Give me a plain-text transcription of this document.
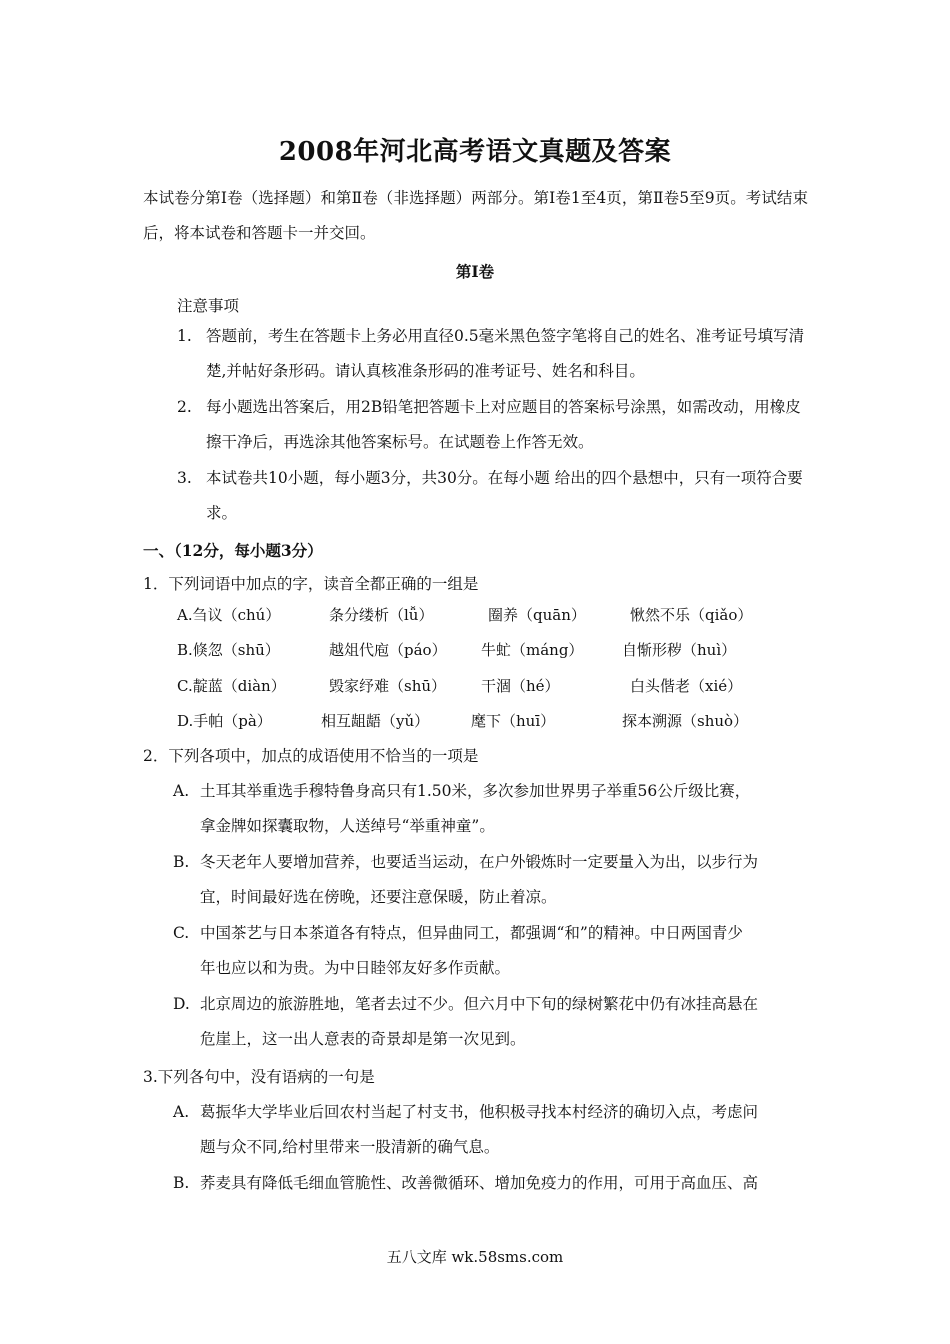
2008年河北高考语文真题及答案
本试卷分第Ⅰ卷（选择题）和第Ⅱ卷（非选择题）两部分。第Ⅰ卷1至4页，第Ⅱ卷5至9页。考试结束后，将本试卷和答题卡一并交回。
第Ⅰ卷
注意事项
1. 答题前，考生在答题卡上务必用直径0.5毫米黑色签字笔将自己的姓名、准考证号填写清楚,并帖好条形码。请认真核准条形码的准考证号、姓名和科目。
2. 每小题选出答案后，用2B铅笔把答题卡上对应题目的答案标号涂黑，如需改动，用橡皮擦干净后，再选涂其他答案标号。在试题卷上作答无效。
3. 本试卷共10小题，每小题3分，共30分。在每小题 给出的四个悬想中，只有一项符合要求。
一、（12分，每小题3分）
1．下列词语中加点的字，读音全都正确的一组是
A.刍议（chú）	条分缕析（lǚ）	圈养（quān）	愀然不乐（qiǎo）
B.倏忽（shū）	越俎代庖（páo） 牛虻（máng）	自惭形秽（huì）
C.靛蓝（diàn）	毁家纾难（shū） 干涸（hé）	白头偕老（xié）
D.手帕（pà）	相互龃龉（yǔ）	麾下（huī）	探本溯源（shuò）
2．下列各项中，加点的成语使用不恰当的一项是
A. 土耳其举重选手穆特鲁身高只有1.50米，多次参加世界男子举重56公斤级比赛，
拿金牌如探囊取物，人送绰号“举重神童”。
B. 冬天老年人要增加营养，也要适当运动，在户外锻炼时一定要量入为出，以步行为
宜，时间最好选在傍晚，还要注意保暖，防止着凉。
C. 中国茶艺与日本茶道各有特点，但异曲同工，都强调“和”的精神。中日两国青少
年也应以和为贵。为中日睦邻友好多作贡献。
D. 北京周边的旅游胜地，笔者去过不少。但六月中下旬的绿树繁花中仍有冰挂高悬在
危崖上，这一出人意表的奇景却是第一次见到。
3.下列各句中，没有语病的一句是
A. 葛振华大学毕业后回农村当起了村支书，他积极寻找本村经济的确切入点，考虑问
题与众不同,给村里带来一股清新的确气息。
B. 荞麦具有降低毛细血管脆性、改善微循环、增加免疫力的作用，可用于高血压、高
五八文库 wk.58sms.com
